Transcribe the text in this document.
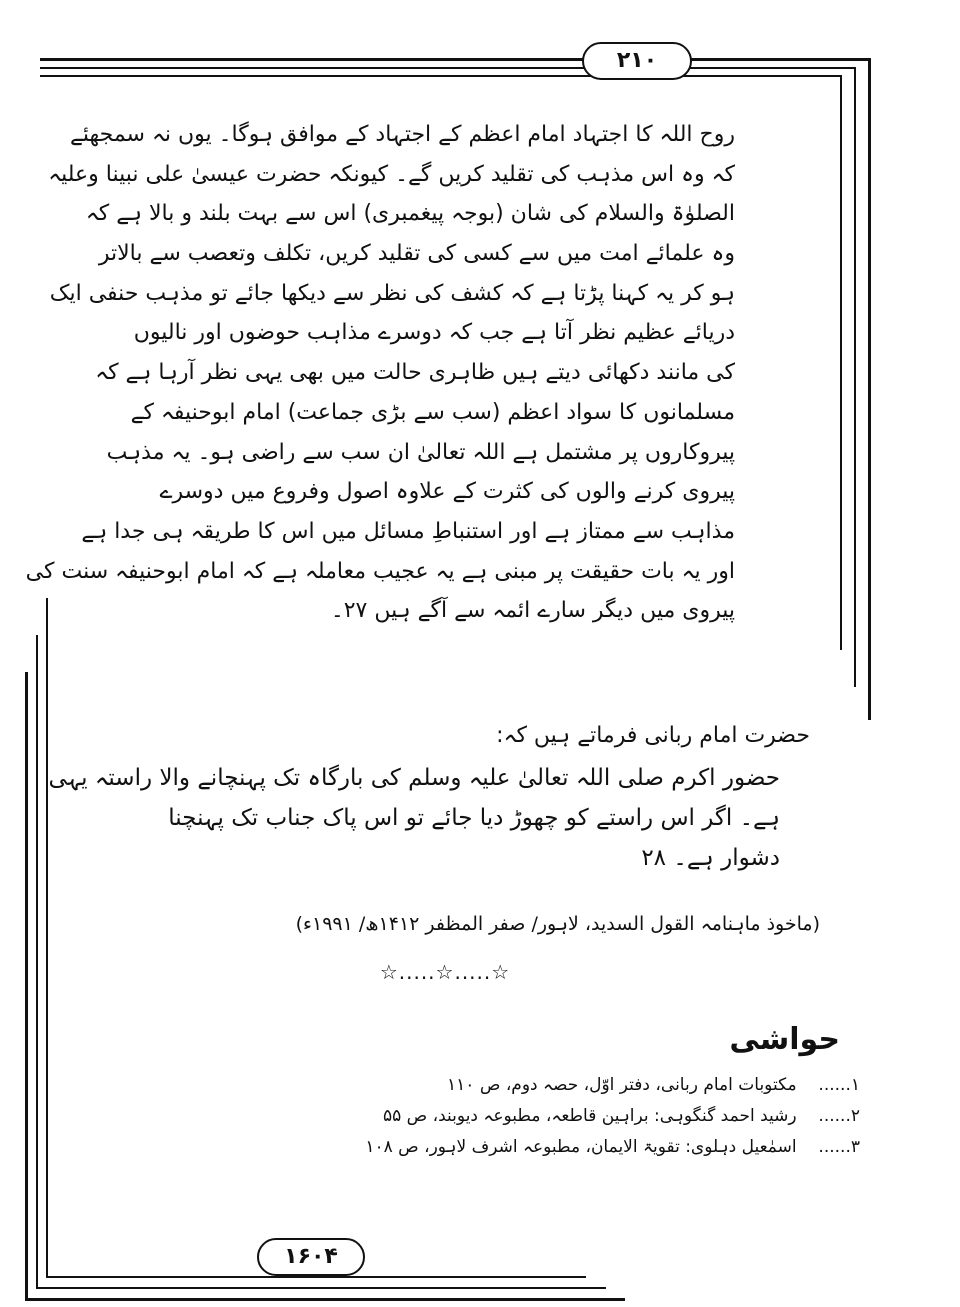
۲۱۰
روح اللہ کا اجتہاد امام اعظم کے اجتہاد کے موافق ہوگا۔ یوں نہ سمجھئے
کہ وہ اس مذہب کی تقلید کریں گے۔ کیونکہ حضرت عیسیٰ علی نبینا وعلیہ
الصلوٰۃ والسلام کی شان (بوجہ پیغمبری) اس سے بہت بلند و بالا ہے کہ
وہ علمائے امت میں سے کسی کی تقلید کریں، تکلف وتعصب سے بالاتر
ہو کر یہ کہنا پڑتا ہے کہ کشف کی نظر سے دیکھا جائے تو مذہب حنفی ایک
دریائے عظیم نظر آتا ہے جب کہ دوسرے مذاہب حوضوں اور نالیوں
کی مانند دکھائی دیتے ہیں ظاہری حالت میں بھی یہی نظر آرہا ہے کہ
مسلمانوں کا سواد اعظم (سب سے بڑی جماعت) امام ابوحنیفہ کے
پیروکاروں پر مشتمل ہے اللہ تعالیٰ ان سب سے راضی ہو۔ یہ مذہب
پیروی کرنے والوں کی کثرت کے علاوہ اصول وفروع میں دوسرے
مذاہب سے ممتاز ہے اور استنباطِ مسائل میں اس کا طریقہ ہی جدا ہے
اور یہ بات حقیقت پر مبنی ہے یہ عجیب معاملہ ہے کہ امام ابوحنیفہ سنت کی
پیروی میں دیگر سارے ائمہ سے آگے ہیں ۲۷۔
حضرت امام ربانی فرماتے ہیں کہ:
حضور اکرم صلی اللہ تعالیٰ علیہ وسلم کی بارگاہ تک پہنچانے والا راستہ یہی
ہے۔ اگر اس راستے کو چھوڑ دیا جائے تو اس پاک جناب تک پہنچنا
دشوار ہے۔ ۲۸
(ماخوذ ماہنامہ القول السدید، لاہور/ صفر المظفر ۱۴۱۲ھ/ ۱۹۹۱ء)
☆.....☆.....☆
حواشی
۱...... مکتوبات امام ربانی، دفتر اوّل، حصہ دوم، ص ۱۱۰
۲...... رشید احمد گنگوہی: براہین قاطعہ، مطبوعہ دیوبند، ص ۵۵
۳...... اسمٰعیل دہلوی: تقویۃ الایمان، مطبوعہ اشرف لاہور، ص ۱۰۸
۱۶۰۴
